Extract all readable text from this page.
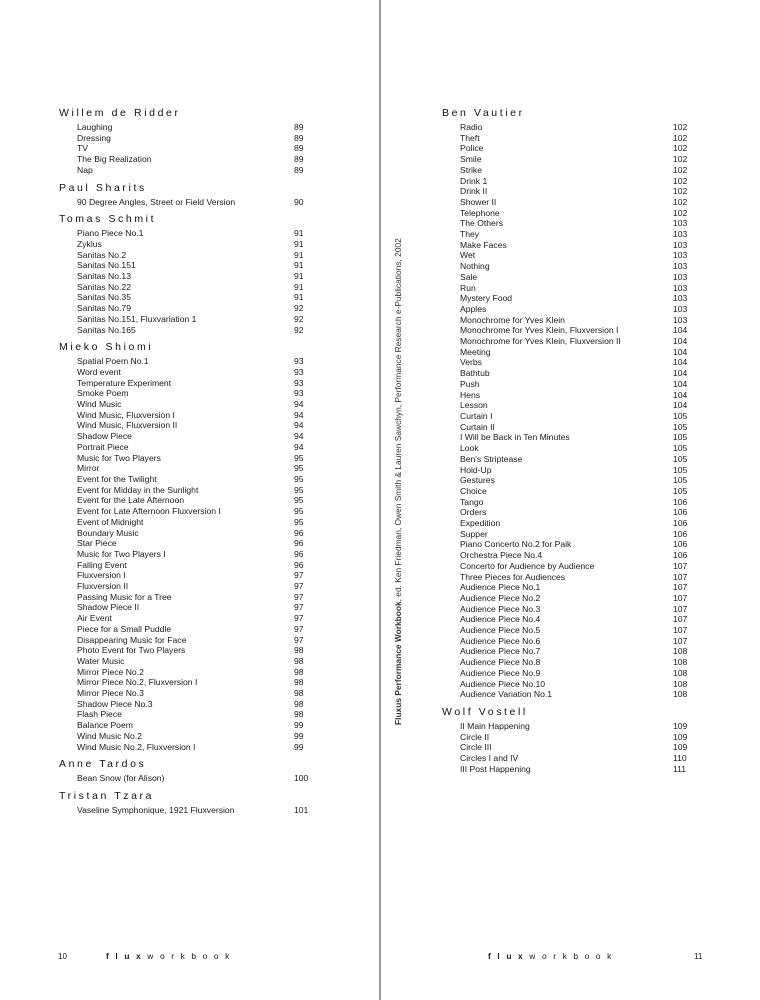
Willem de Ridder
Laughing	89
Dressing	89
TV	89
The Big Realization	89
Nap	89
Paul Sharits
90 Degree Angles, Street or Field Version	90
Tomas Schmit
Piano Piece No.1	91
Zyklus	91
Sanitas No.2	91
Sanitas No.151	91
Sanitas No.13	91
Sanitas No.22	91
Sanitas No.35	91
Sanitas No.79	92
Sanitas No.151, Fluxvariation 1	92
Sanitas No.165	92
Mieko Shiomi
Spatial Poem No.1	93
Word event	93
Temperature Experiment	93
Smoke Poem	93
Wind Music	94
Wind Music, Fluxversion I	94
Wind Music, Fluxversion II	94
Shadow Piece	94
Portrait Piece	94
Music for Two Players	95
Mirror	95
Event for the Twilight	95
Event for Midday in the Sunlight	95
Event for the Late Afternoon	95
Event for Late Afternoon Fluxversion I	95
Event of Midnight	95
Boundary Music	96
Star Piece	96
Music for Two Players I	96
Falling Event	96
Fluxversion I	97
Fluxversion II	97
Passing Music for a Tree	97
Shadow Piece II	97
Air Event	97
Piece for a Small Puddle	97
Disappearing Music for Face	97
Photo Event for Two Players	98
Water Music	98
Mirror Piece No.2	98
Mirror Piece No.2, Fluxversion I	98
Mirror Piece No.3	98
Shadow Piece No.3	98
Flash Piece	98
Balance Poem	99
Wind Music No.2	99
Wind Music No.2, Fluxversion I	99
Anne Tardos
Bean Snow (for Alison)	100
Tristan Tzara
Vaseline Symphonique, 1921 Fluxversion	101
Ben Vautier
Radio	102
Theft	102
Police	102
Smile	102
Strike	102
Drink 1	102
Drink II	102
Shower II	102
Telephone	102
The Others	103
They	103
Make Faces	103
Wet	103
Nothing	103
Sale	103
Run	103
Mystery Food	103
Apples	103
Monochrome for Yves Klein	103
Monochrome for Yves Klein, Fluxversion I	104
Monochrome for Yves Klein, Fluxversion II	104
Meeting	104
Verbs	104
Bathtub	104
Push	104
Hens	104
Lesson	104
Curtain I	105
Curtain II	105
I Will be Back in Ten Minutes	105
Look	105
Ben's Striptease	105
Hold-Up	105
Gestures	105
Choice	105
Tango	106
Orders	106
Expedition	106
Supper	106
Piano Concerto No.2 for Paik	106
Orchestra Piece No.4	106
Concerto for Audience by Audience	107
Three Pieces for Audiences	107
Audience Piece No.1	107
Audience Piece No.2	107
Audience Piece No.3	107
Audience Piece No.4	107
Audience Piece No.5	107
Audience Piece No.6	107
Audience Piece No.7	108
Audience Piece No.8	108
Audience Piece No.9	108
Audience Piece No.10	108
Audience Variation No.1	108
Wolf Vostell
II Main Happening	109
Circle II	109
Circle III	109
Circles I and IV	110
III Post Happening	111
Fluxus Performance Workbook, ed. Ken Friedman, Owen Smith & Lauren Sawchyn, Performance Research e-Publications, 2002
10	fluxworkbook	fluxworkbook	11
